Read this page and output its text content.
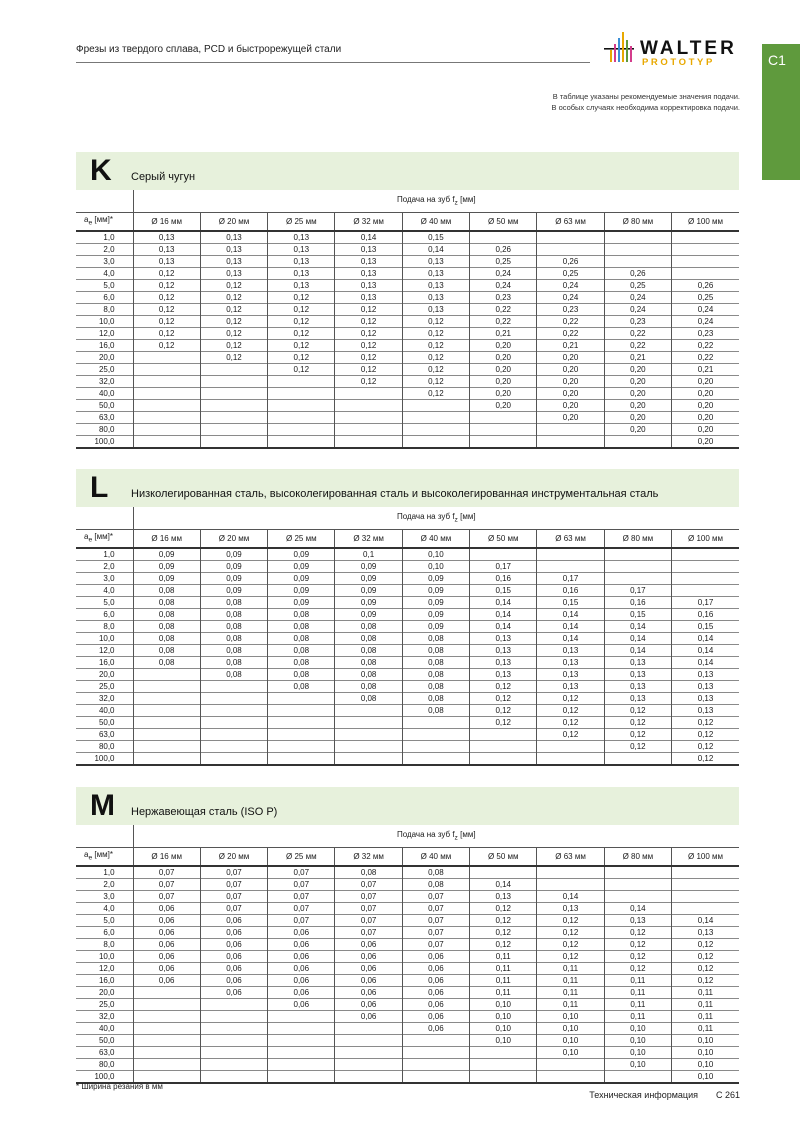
Фрезы из твердого сплава, PCD и быстрорежущей стали	WALTER
PROTOTYP	C1
В таблице указаны рекомендуемые значения подачи.
В особых случаях необходима корректировка подачи.
K Серый чугун
	Подача на зуб $f_z$ [мм]								
$a_e$ [мм]*	Ø 16 мм	Ø 20 мм	Ø 25 мм	Ø 32 мм	Ø 40 мм	Ø 50 мм	Ø 63 мм	Ø 80 мм	Ø 100 мм
1,0	0,13	0,13	0,13	0,14	0,15				
2,0	0,13	0,13	0,13	0,13	0,14	0,26			
3,0	0,13	0,13	0,13	0,13	0,13	0,25	0,26		
4,0	0,12	0,13	0,13	0,13	0,13	0,24	0,25	0,26	
5,0	0,12	0,12	0,13	0,13	0,13	0,24	0,24	0,25	0,26
6,0	0,12	0,12	0,12	0,13	0,13	0,23	0,24	0,24	0,25
8,0	0,12	0,12	0,12	0,12	0,13	0,22	0,23	0,24	0,24
10,0	0,12	0,12	0,12	0,12	0,12	0,22	0,22	0,23	0,24
12,0	0,12	0,12	0,12	0,12	0,12	0,21	0,22	0,22	0,23
16,0	0,12	0,12	0,12	0,12	0,12	0,20	0,21	0,22	0,22
20,0		0,12	0,12	0,12	0,12	0,20	0,20	0,21	0,22
25,0			0,12	0,12	0,12	0,20	0,20	0,20	0,21
32,0				0,12	0,12	0,20	0,20	0,20	0,20
40,0					0,12	0,20	0,20	0,20	0,20
50,0						0,20	0,20	0,20	0,20
63,0							0,20	0,20	0,20
80,0								0,20	0,20
100,0									0,20
L Низколегированная сталь, высоколегированная сталь и высоколегированная инструментальная сталь
	Подача на зуб $f_z$ [мм]								
$a_e$ [мм]*	Ø 16 мм	Ø 20 мм	Ø 25 мм	Ø 32 мм	Ø 40 мм	Ø 50 мм	Ø 63 мм	Ø 80 мм	Ø 100 мм
1,0	0,09	0,09	0,09	0,1	0,10				
2,0	0,09	0,09	0,09	0,09	0,10	0,17			
3,0	0,09	0,09	0,09	0,09	0,09	0,16	0,17		
4,0	0,08	0,09	0,09	0,09	0,09	0,15	0,16	0,17	
5,0	0,08	0,08	0,09	0,09	0,09	0,14	0,15	0,16	0,17
6,0	0,08	0,08	0,08	0,09	0,09	0,14	0,14	0,15	0,16
8,0	0,08	0,08	0,08	0,08	0,09	0,14	0,14	0,14	0,15
10,0	0,08	0,08	0,08	0,08	0,08	0,13	0,14	0,14	0,14
12,0	0,08	0,08	0,08	0,08	0,08	0,13	0,13	0,14	0,14
16,0	0,08	0,08	0,08	0,08	0,08	0,13	0,13	0,13	0,14
20,0		0,08	0,08	0,08	0,08	0,13	0,13	0,13	0,13
25,0			0,08	0,08	0,08	0,12	0,13	0,13	0,13
32,0				0,08	0,08	0,12	0,12	0,13	0,13
40,0					0,08	0,12	0,12	0,12	0,13
50,0						0,12	0,12	0,12	0,12
63,0							0,12	0,12	0,12
80,0								0,12	0,12
100,0									0,12
M Нержавеющая сталь (ISO P)
	Подача на зуб $f_z$ [мм]								
$a_e$ [мм]*	Ø 16 мм	Ø 20 мм	Ø 25 мм	Ø 32 мм	Ø 40 мм	Ø 50 мм	Ø 63 мм	Ø 80 мм	Ø 100 мм
1,0	0,07	0,07	0,07	0,08	0,08				
2,0	0,07	0,07	0,07	0,07	0,08	0,14			
3,0	0,07	0,07	0,07	0,07	0,07	0,13	0,14		
4,0	0,06	0,07	0,07	0,07	0,07	0,12	0,13	0,14	
5,0	0,06	0,06	0,07	0,07	0,07	0,12	0,12	0,13	0,14
6,0	0,06	0,06	0,06	0,07	0,07	0,12	0,12	0,12	0,13
8,0	0,06	0,06	0,06	0,06	0,07	0,12	0,12	0,12	0,12
10,0	0,06	0,06	0,06	0,06	0,06	0,11	0,12	0,12	0,12
12,0	0,06	0,06	0,06	0,06	0,06	0,11	0,11	0,12	0,12
16,0	0,06	0,06	0,06	0,06	0,06	0,11	0,11	0,11	0,12
20,0		0,06	0,06	0,06	0,06	0,11	0,11	0,11	0,11
25,0			0,06	0,06	0,06	0,10	0,11	0,11	0,11
32,0				0,06	0,06	0,10	0,10	0,11	0,11
40,0					0,06	0,10	0,10	0,10	0,11
50,0						0,10	0,10	0,10	0,10
63,0							0,10	0,10	0,10
80,0								0,10	0,10
100,0									0,10
* Ширина резания в мм
Техническая информация C 261
